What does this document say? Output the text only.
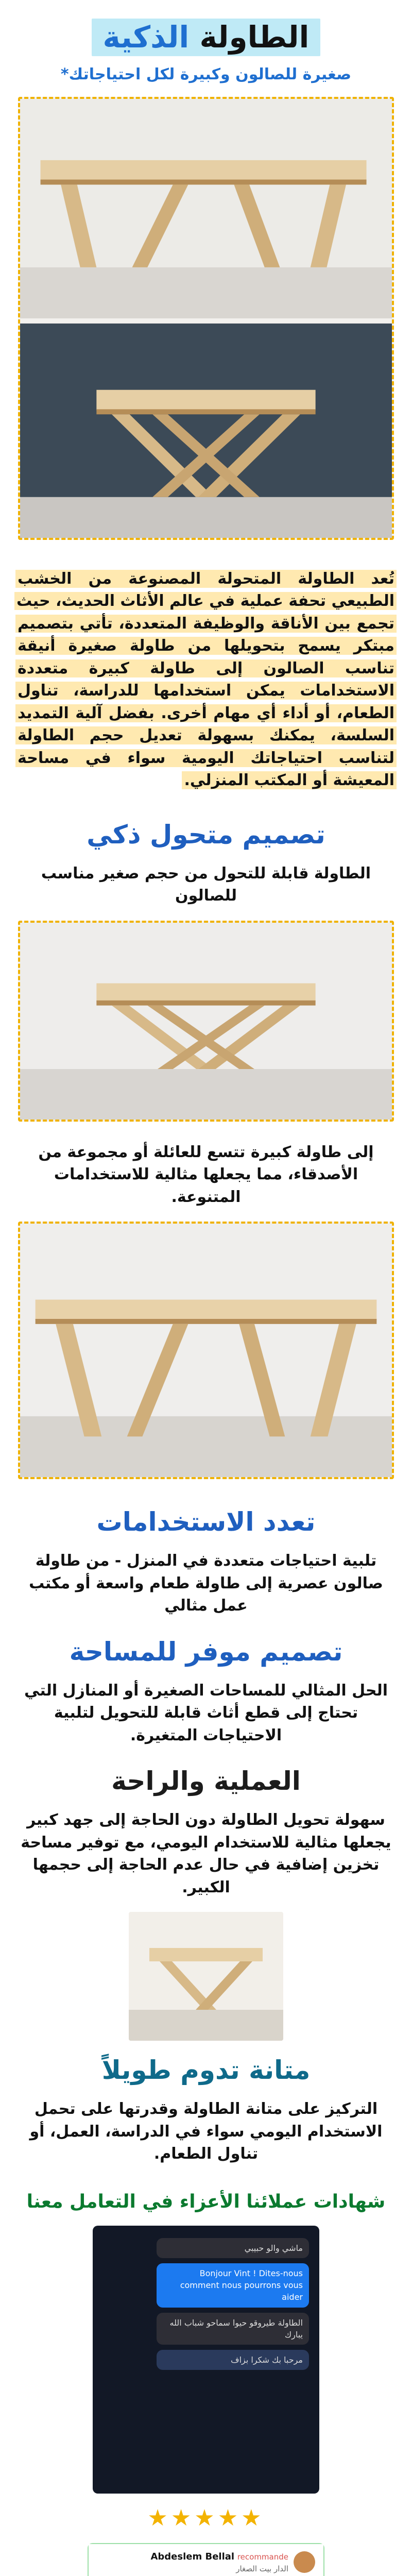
الطاولة الذكية
صغيرة للصالون وكبيرة لكل احتياجاتك*

تُعد الطاولة المتحولة المصنوعة من الخشب الطبيعي تحفة عملية في عالم الأثاث الحديث، حيث تجمع بين الأناقة والوظيفة المتعددة، تأتي بتصميم مبتكر يسمح بتحويلها من طاولة صغيرة أنيقة تناسب الصالون إلى طاولة كبيرة متعددة الاستخدامات يمكن استخدامها للدراسة، تناول الطعام، أو أداء أي مهام أخرى. بفضل آلية التمديد السلسة، يمكنك بسهولة تعديل حجم الطاولة لتناسب احتياجاتك اليومية سواء في مساحة المعيشة أو المكتب المنزلي.

تصميم متحول ذكي
الطاولة قابلة للتحول من حجم صغير مناسب للصالون
إلى طاولة كبيرة تتسع للعائلة أو مجموعة من الأصدقاء، مما يجعلها مثالية للاستخدامات المتنوعة.
تعدد الاستخدامات
تلبية احتياجات متعددة في المنزل - من طاولة صالون عصرية إلى طاولة طعام واسعة أو مكتب عمل مثالي
تصميم موفر للمساحة
الحل المثالي للمساحات الصغيرة أو المنازل التي تحتاج إلى قطع أثاث قابلة للتحويل لتلبية الاحتياجات المتغيرة.
العملية والراحة
سهولة تحويل الطاولة دون الحاجة إلى جهد كبير يجعلها مثالية للاستخدام اليومي، مع توفير مساحة تخزين إضافية في حال عدم الحاجة إلى حجمها الكبير.
متانة تدوم طويلاً
التركيز على متانة الطاولة وقدرتها على تحمل الاستخدام اليومي سواء في الدراسة، العمل، أو تناول الطعام.
شهادات عملائنا الأعزاء في التعامل معنا
ماشي والو حبيبي
Bonjour Vint ! Dites-nous comment nous pourrons vous aider
الطاولة طيروقو حيوا سماحو شباب الله يبارك
مرحبا بك شكرا بزاف
★★★★★
Abdeslem Bellal recommande
الدار بيت الصغار
